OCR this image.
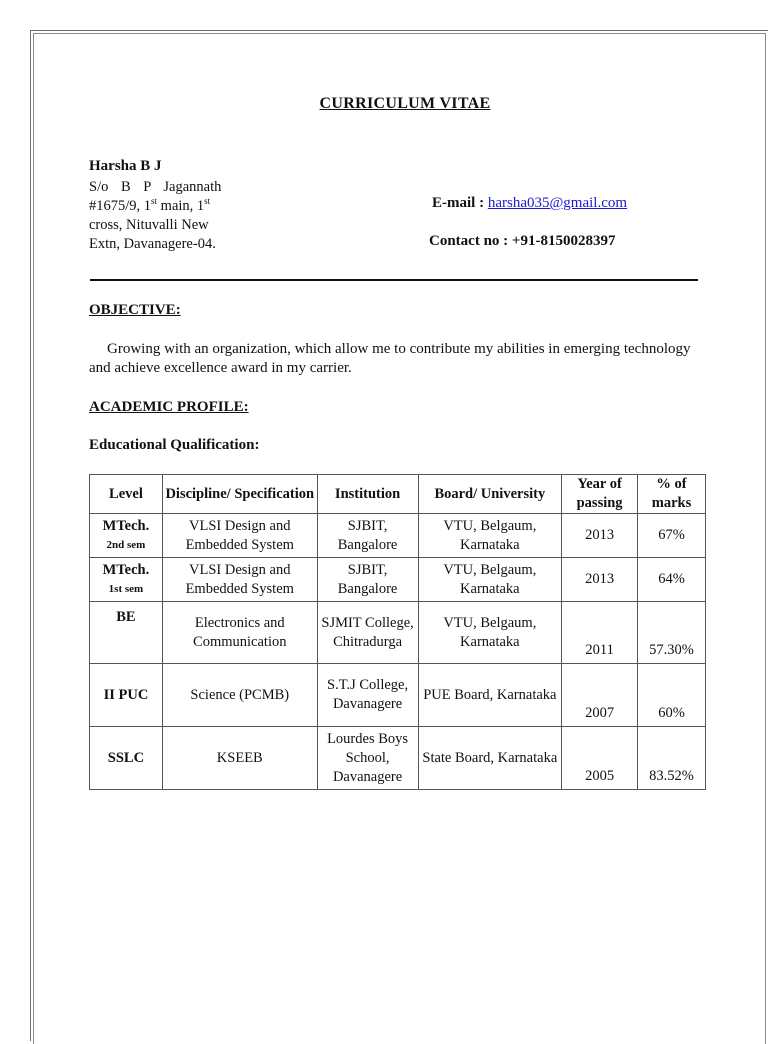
CURRICULUM VITAE
Harsha B J
S/o B P Jagannath
#1675/9, 1st main, 1st
cross, Nituvalli New
Extn, Davanagere-04.
E-mail : harsha035@gmail.com
Contact no : +91-8150028397
OBJECTIVE:
Growing with an organization, which allow me to contribute my abilities in emerging technology and achieve excellence award in my carrier.
ACADEMIC PROFILE:
Educational Qualification:
Level	Discipline/ Specification	Institution	Board/ University	Year of passing	% of marks

MTech.
2nd sem	VLSI Design and Embedded System	SJBIT, Bangalore	VTU, Belgaum, Karnataka	2013	67%

MTech.
1st sem	VLSI Design and Embedded System	SJBIT, Bangalore	VTU, Belgaum, Karnataka	2013	64%
BE	Electronics and Communication	SJMIT College, Chitradurga	VTU, Belgaum, Karnataka	2011	57.30%
II PUC	Science (PCMB)	S.T.J College, Davanagere	PUE Board, Karnataka	2007	60%
SSLC	KSEEB	Lourdes Boys School, Davanagere	State Board, Karnataka	2005	83.52%
